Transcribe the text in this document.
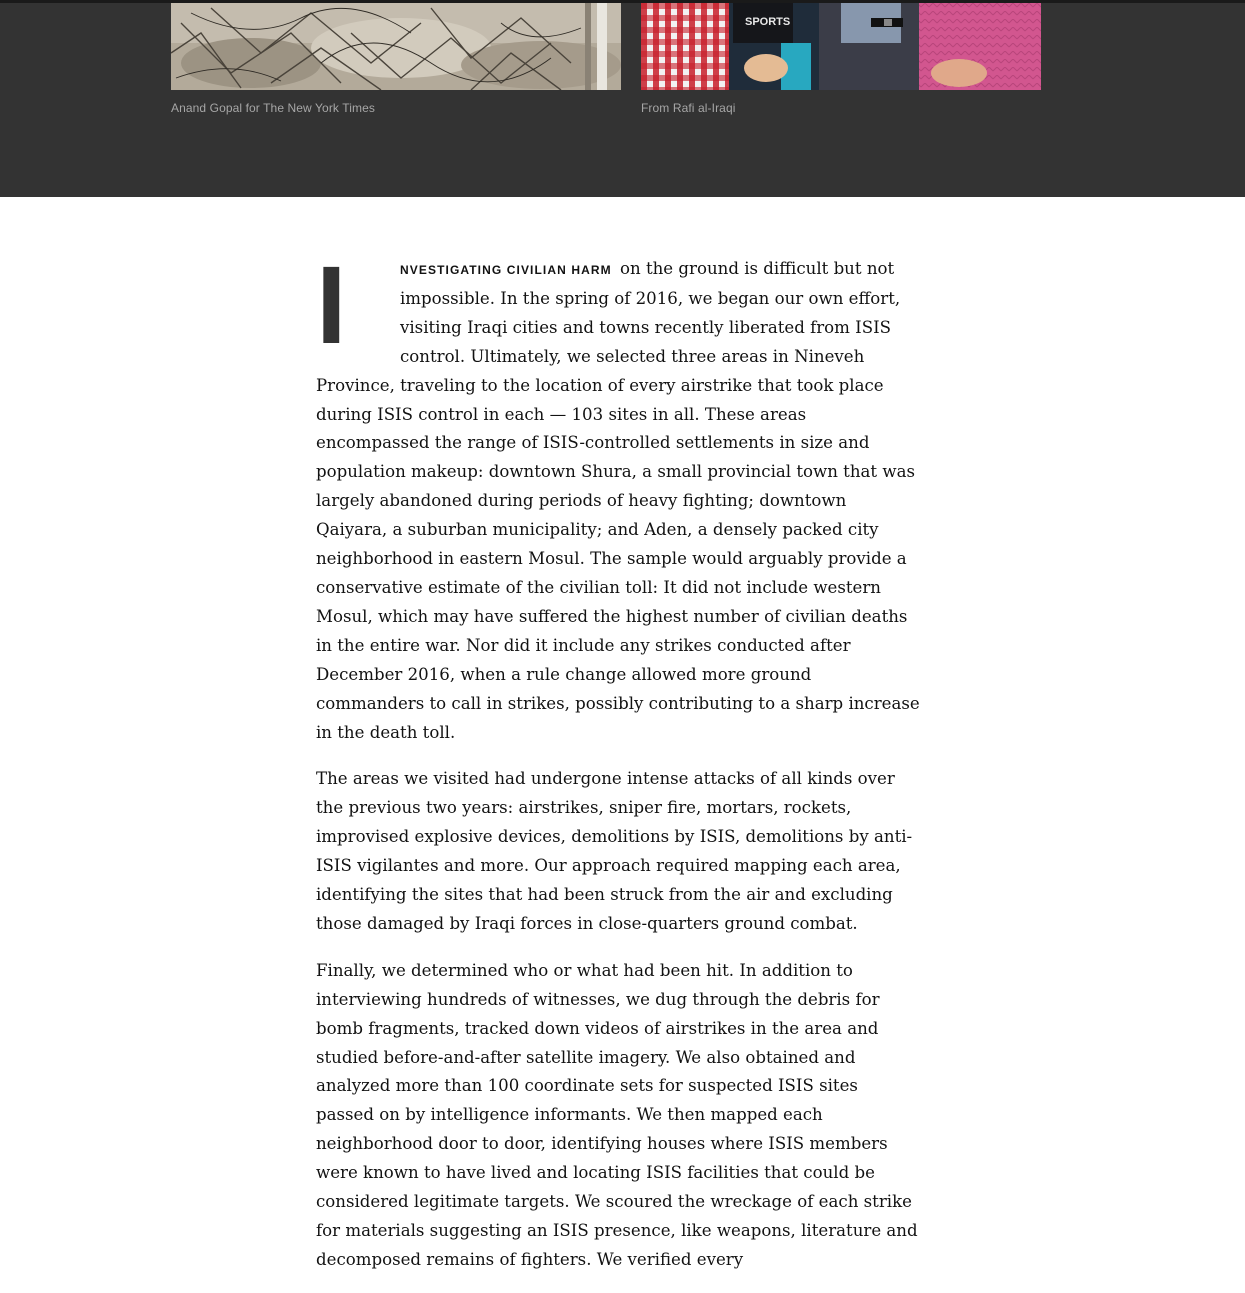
SPORTS
Anand Gopal for The New York Times	From Rafi al-Iraqi

I	NVESTIGATING CIVILIAN HARM on the ground is difficult but not impossible. In the spring of 2016, we began our own effort, visiting Iraqi cities and towns recently liberated from ISIS control. Ultimately, we selected three areas in Nineveh Province, traveling to the location of every airstrike that took place during ISIS control in each — 103 sites in all. These areas encompassed the range of ISIS-controlled settlements in size and population makeup: downtown Shura, a small provincial town that was largely abandoned during periods of heavy fighting; downtown Qaiyara, a suburban municipality; and Aden, a densely packed city neighborhood in eastern Mosul. The sample would arguably provide a conservative estimate of the civilian toll: It did not include western Mosul, which may have suffered the highest number of civilian deaths in the entire war. Nor did it include any strikes conducted after December 2016, when a rule change allowed more ground commanders to call in strikes, possibly contributing to a sharp increase in the death toll.

The areas we visited had undergone intense attacks of all kinds over the previous two years: airstrikes, sniper fire, mortars, rockets, improvised explosive devices, demolitions by ISIS, demolitions by anti-ISIS vigilantes and more. Our approach required mapping each area, identifying the sites that had been struck from the air and excluding those damaged by Iraqi forces in close-quarters ground combat.

Finally, we determined who or what had been hit. In addition to interviewing hundreds of witnesses, we dug through the debris for bomb fragments, tracked down videos of airstrikes in the area and studied before-and-after satellite imagery. We also obtained and analyzed more than 100 coordinate sets for suspected ISIS sites passed on by intelligence informants. We then mapped each neighborhood door to door, identifying houses where ISIS members were known to have lived and locating ISIS facilities that could be considered legitimate targets. We scoured the wreckage of each strike for materials suggesting an ISIS presence, like weapons, literature and decomposed remains of fighters. We verified every
